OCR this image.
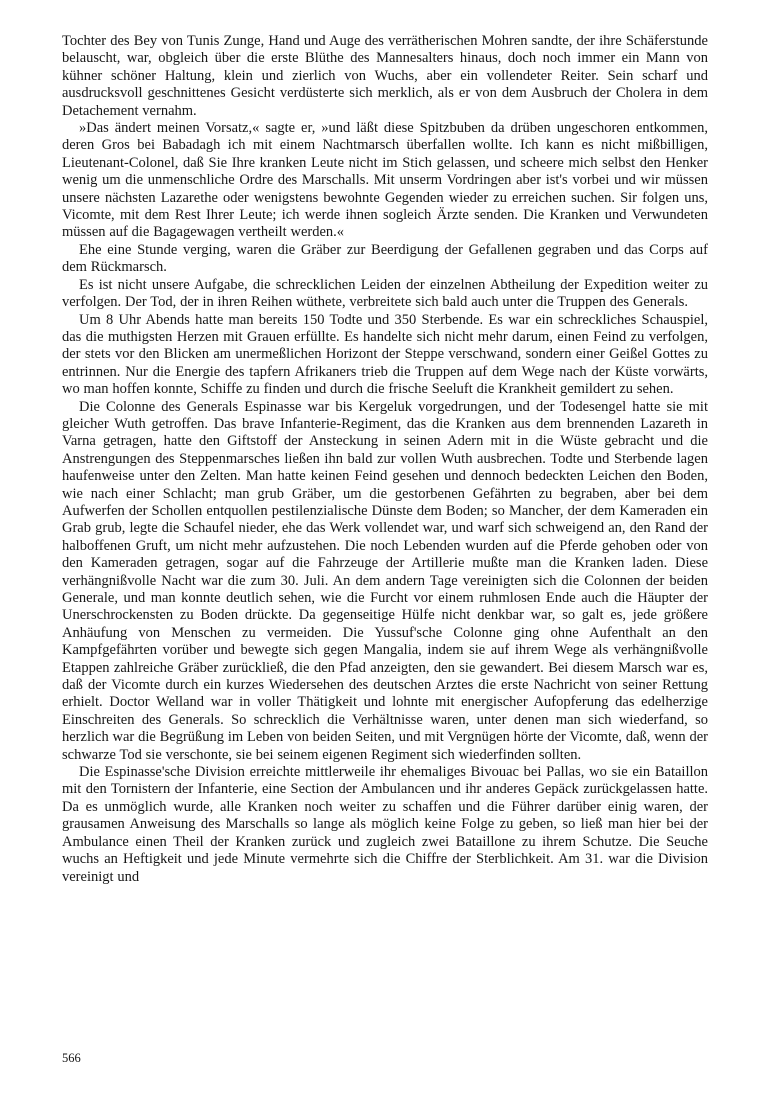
Tochter des Bey von Tunis Zunge, Hand und Auge des verrätherischen Mohren sandte, der ihre Schäferstunde belauscht, war, obgleich über die erste Blüthe des Mannesalters hinaus, doch noch immer ein Mann von kühner schöner Haltung, klein und zierlich von Wuchs, aber ein vollendeter Reiter. Sein scharf und ausdrucksvoll geschnittenes Gesicht verdüsterte sich merklich, als er von dem Ausbruch der Cholera in dem Detachement vernahm.

»Das ändert meinen Vorsatz,« sagte er, »und läßt diese Spitzbuben da drüben ungeschoren entkommen, deren Gros bei Babadagh ich mit einem Nachtmarsch überfallen wollte. Ich kann es nicht mißbilligen, Lieutenant-Colonel, daß Sie Ihre kranken Leute nicht im Stich gelassen, und scheere mich selbst den Henker wenig um die unmenschliche Ordre des Marschalls. Mit unserm Vordringen aber ist's vorbei und wir müssen unsere nächsten Lazarethe oder wenigstens bewohnte Gegenden wieder zu erreichen suchen. Sir folgen uns, Vicomte, mit dem Rest Ihrer Leute; ich werde ihnen sogleich Ärzte senden. Die Kranken und Verwundeten müssen auf die Bagagewagen vertheilt werden.«

Ehe eine Stunde verging, waren die Gräber zur Beerdigung der Gefallenen gegraben und das Corps auf dem Rückmarsch.

Es ist nicht unsere Aufgabe, die schrecklichen Leiden der einzelnen Abtheilung der Expedition weiter zu verfolgen. Der Tod, der in ihren Reihen wüthete, verbreitete sich bald auch unter die Truppen des Generals.

Um 8 Uhr Abends hatte man bereits 150 Todte und 350 Sterbende. Es war ein schreckliches Schauspiel, das die muthigsten Herzen mit Grauen erfüllte. Es handelte sich nicht mehr darum, einen Feind zu verfolgen, der stets vor den Blicken am unermeßlichen Horizont der Steppe verschwand, sondern einer Geißel Gottes zu entrinnen. Nur die Energie des tapfern Afrikaners trieb die Truppen auf dem Wege nach der Küste vorwärts, wo man hoffen konnte, Schiffe zu finden und durch die frische Seeluft die Krankheit gemildert zu sehen.

Die Colonne des Generals Espinasse war bis Kergeluk vorgedrungen, und der Todesengel hatte sie mit gleicher Wuth getroffen. Das brave Infanterie-Regiment, das die Kranken aus dem brennenden Lazareth in Varna getragen, hatte den Giftstoff der Ansteckung in seinen Adern mit in die Wüste gebracht und die Anstrengungen des Steppenmarsches ließen ihn bald zur vollen Wuth ausbrechen. Todte und Sterbende lagen haufenweise unter den Zelten. Man hatte keinen Feind gesehen und dennoch bedeckten Leichen den Boden, wie nach einer Schlacht; man grub Gräber, um die gestorbenen Gefährten zu begraben, aber bei dem Aufwerfen der Schollen entquollen pestilenzialische Dünste dem Boden; so Mancher, der dem Kameraden ein Grab grub, legte die Schaufel nieder, ehe das Werk vollendet war, und warf sich schweigend an, den Rand der halboffenen Gruft, um nicht mehr aufzustehen. Die noch Lebenden wurden auf die Pferde gehoben oder von den Kameraden getragen, sogar auf die Fahrzeuge der Artillerie mußte man die Kranken laden. Diese verhängnißvolle Nacht war die zum 30. Juli. An dem andern Tage vereinigten sich die Colonnen der beiden Generale, und man konnte deutlich sehen, wie die Furcht vor einem ruhmlosen Ende auch die Häupter der Unerschrockensten zu Boden drückte. Da gegenseitige Hülfe nicht denkbar war, so galt es, jede größere Anhäufung von Menschen zu vermeiden. Die Yussuf'sche Colonne ging ohne Aufenthalt an den Kampfgefährten vorüber und bewegte sich gegen Mangalia, indem sie auf ihrem Wege als verhängnißvolle Etappen zahlreiche Gräber zurückließ, die den Pfad anzeigten, den sie gewandert. Bei diesem Marsch war es, daß der Vicomte durch ein kurzes Wiedersehen des deutschen Arztes die erste Nachricht von seiner Rettung erhielt. Doctor Welland war in voller Thätigkeit und lohnte mit energischer Aufopferung das edelherzige Einschreiten des Generals. So schrecklich die Verhältnisse waren, unter denen man sich wiederfand, so herzlich war die Begrüßung im Leben von beiden Seiten, und mit Vergnügen hörte der Vicomte, daß, wenn der schwarze Tod sie verschonte, sie bei seinem eigenen Regiment sich wiederfinden sollten.

Die Espinasse'sche Division erreichte mittlerweile ihr ehemaliges Bivouac bei Pallas, wo sie ein Bataillon mit den Tornistern der Infanterie, eine Section der Ambulancen und ihr anderes Gepäck zurückgelassen hatte. Da es unmöglich wurde, alle Kranken noch weiter zu schaffen und die Führer darüber einig waren, der grausamen Anweisung des Marschalls so lange als möglich keine Folge zu geben, so ließ man hier bei der Ambulance einen Theil der Kranken zurück und zugleich zwei Bataillone zu ihrem Schutze. Die Seuche wuchs an Heftigkeit und jede Minute vermehrte sich die Chiffre der Sterblichkeit. Am 31. war die Division vereinigt und

566
